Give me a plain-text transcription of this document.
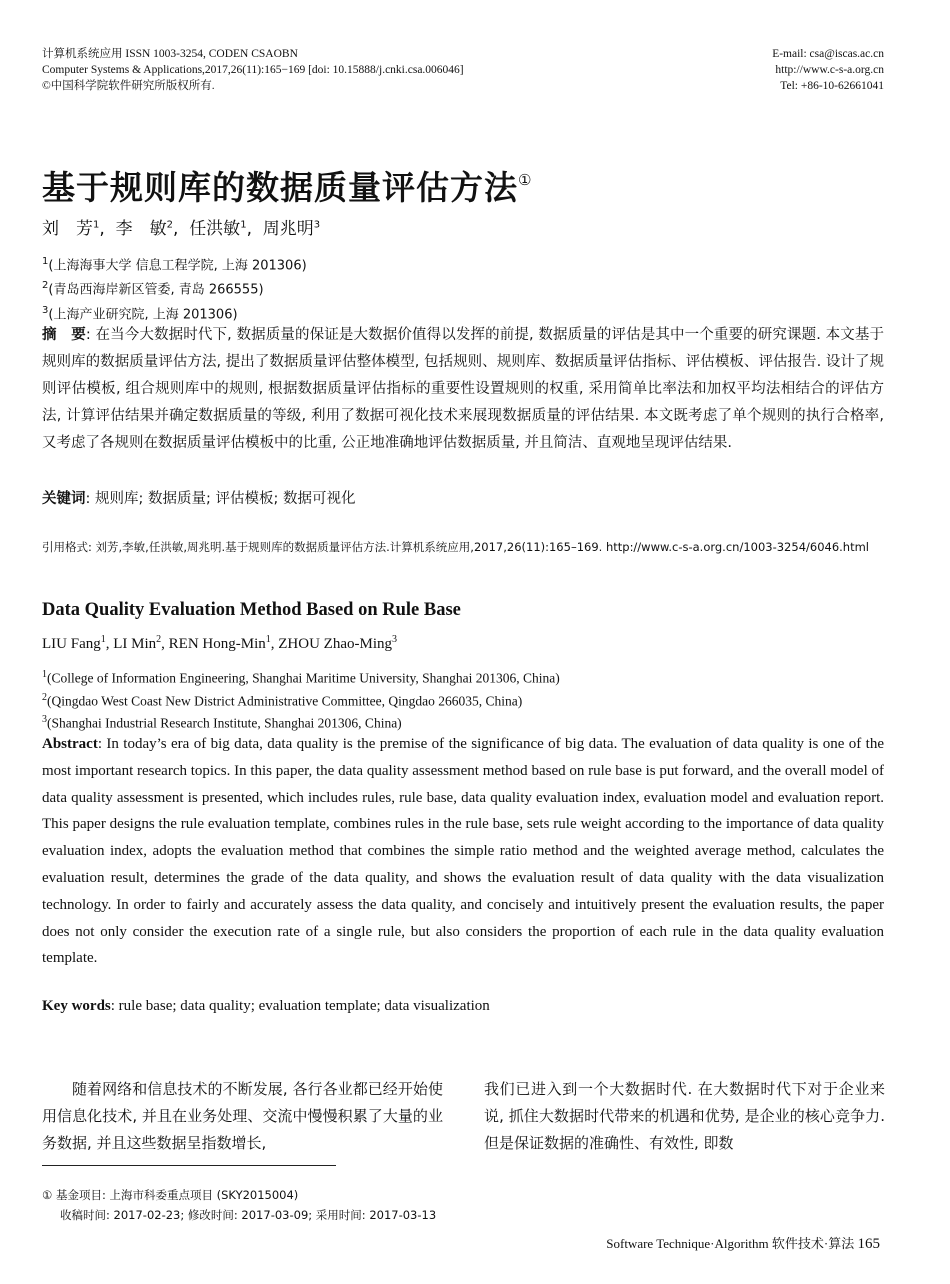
计算机系统应用 ISSN 1003-3254, CODEN CSAOBN
Computer Systems & Applications,2017,26(11):165−169 [doi: 10.15888/j.cnki.csa.006046]
©中国科学院软件研究所版权所有.
E-mail: csa@iscas.ac.cn
http://www.c-s-a.org.cn
Tel: +86-10-62661041
基于规则库的数据质量评估方法①
刘　芳$^1$,  李　敏$^2$,  任洪敏$^1$,  周兆明$^3$
$^1$(上海海事大学 信息工程学院, 上海 201306)
$^2$(青岛西海岸新区管委, 青岛 266555)
$^3$(上海产业研究院, 上海 201306)
摘　要: 在当今大数据时代下, 数据质量的保证是大数据价值得以发挥的前提, 数据质量的评估是其中一个重要的研究课题. 本文基于规则库的数据质量评估方法, 提出了数据质量评估整体模型, 包括规则、规则库、数据质量评估指标、评估模板、评估报告. 设计了规则评估模板, 组合规则库中的规则, 根据数据质量评估指标的重要性设置规则的权重, 采用简单比率法和加权平均法相结合的评估方法, 计算评估结果并确定数据质量的等级, 利用了数据可视化技术来展现数据质量的评估结果. 本文既考虑了单个规则的执行合格率, 又考虑了各规则在数据质量评估模板中的比重, 公正地准确地评估数据质量, 并且简洁、直观地呈现评估结果.
关键词: 规则库; 数据质量; 评估模板; 数据可视化
引用格式: 刘芳,李敏,任洪敏,周兆明.基于规则库的数据质量评估方法.计算机系统应用,2017,26(11):165–169. http://www.c-s-a.org.cn/1003-3254/6046.html
Data Quality Evaluation Method Based on Rule Base
LIU Fang$^1$, LI Min$^2$, REN Hong-Min$^1$, ZHOU Zhao-Ming$^3$
$^1$(College of Information Engineering, Shanghai Maritime University, Shanghai 201306, China)
$^2$(Qingdao West Coast New District Administrative Committee, Qingdao 266035, China)
$^3$(Shanghai Industrial Research Institute, Shanghai 201306, China)
Abstract: In today’s era of big data, data quality is the premise of the significance of big data. The evaluation of data quality is one of the most important research topics. In this paper, the data quality assessment method based on rule base is put forward, and the overall model of data quality assessment is presented, which includes rules, rule base, data quality evaluation index, evaluation model and evaluation report. This paper designs the rule evaluation template, combines rules in the rule base, sets rule weight according to the importance of data quality evaluation index, adopts the evaluation method that combines the simple ratio method and the weighted average method, calculates the evaluation result, determines the grade of the data quality, and shows the evaluation result of data quality with the data visualization technology. In order to fairly and accurately assess the data quality, and concisely and intuitively present the evaluation results, the paper does not only consider the execution rate of a single rule, but also considers the proportion of each rule in the data quality evaluation template.
Key words: rule base; data quality; evaluation template; data visualization
随着网络和信息技术的不断发展, 各行各业都已经开始使用信息化技术, 并且在业务处理、交流中慢慢积累了大量的业务数据, 并且这些数据呈指数增长,
我们已进入到一个大数据时代. 在大数据时代下对于企业来说, 抓住大数据时代带来的机遇和优势, 是企业的核心竞争力. 但是保证数据的准确性、有效性, 即数
① 基金项目: 上海市科委重点项目 (SKY2015004)
收稿时间: 2017-02-23; 修改时间: 2017-03-09; 采用时间: 2017-03-13
Software Technique·Algorithm 软件技术·算法 165
